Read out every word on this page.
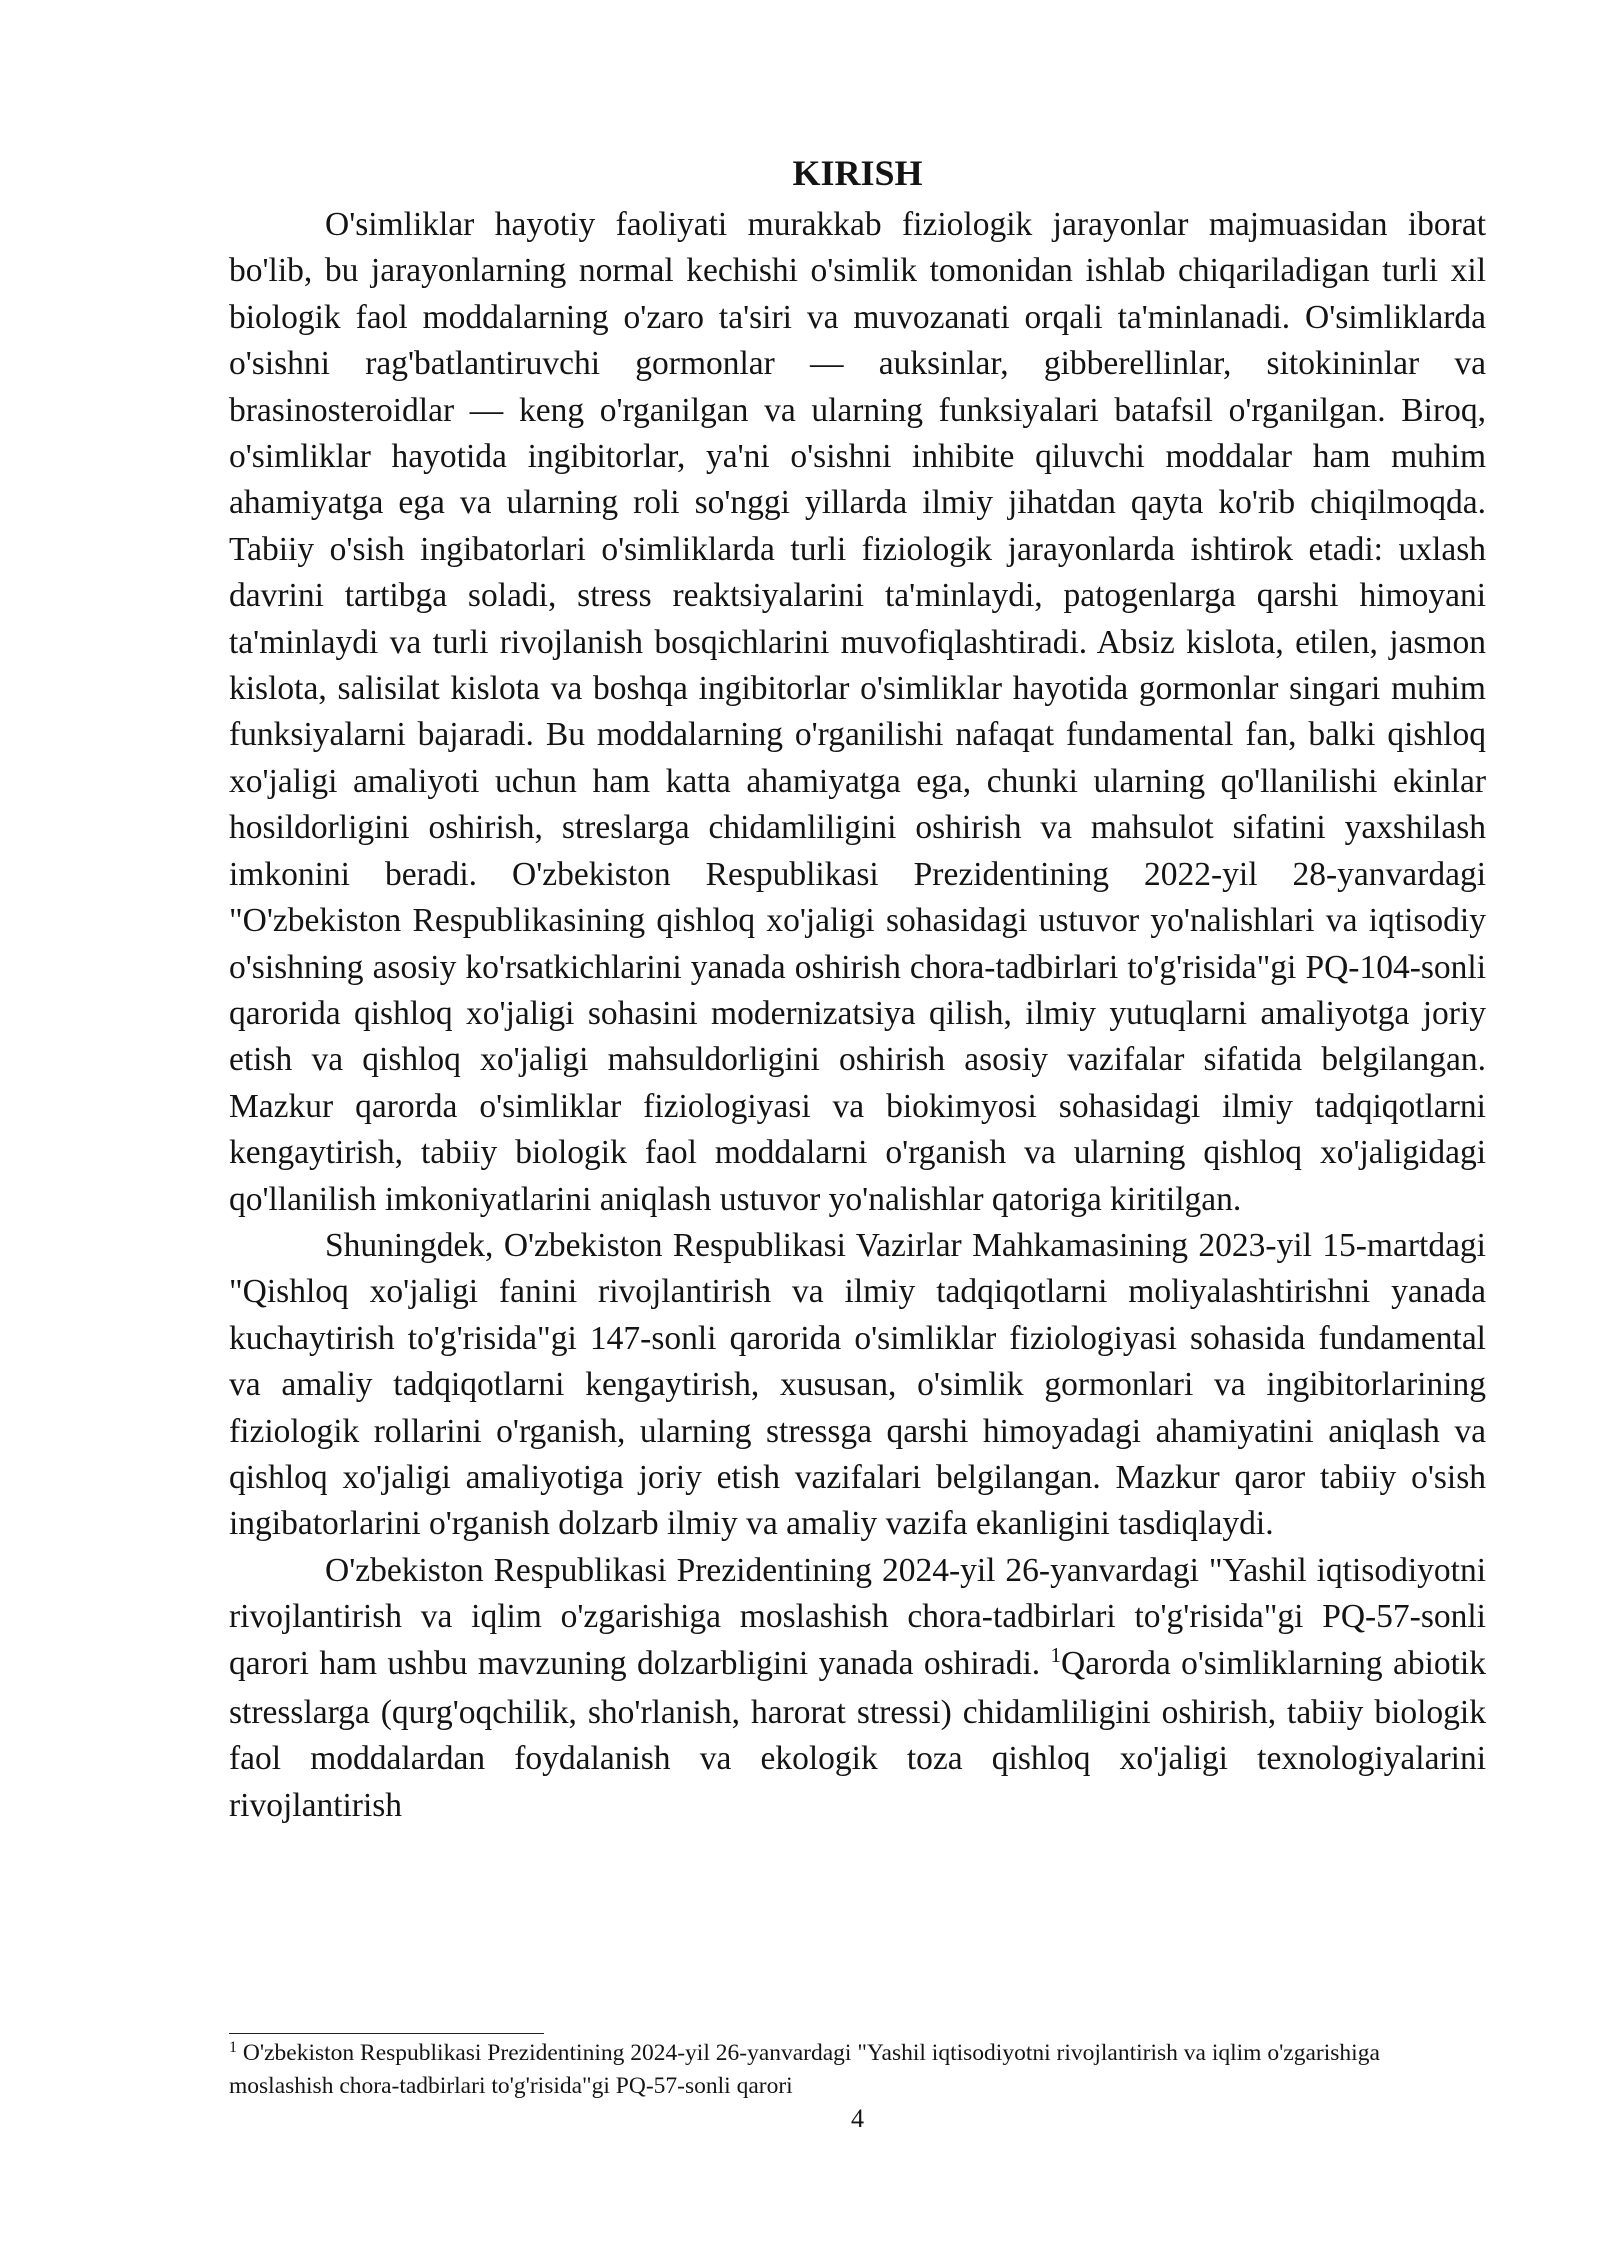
KIRISH

O'simliklar hayotiy faoliyati murakkab fiziologik jarayonlar majmuasidan iborat bo'lib, bu jarayonlarning normal kechishi o'simlik tomonidan ishlab chiqariladigan turli xil biologik faol moddalarning o'zaro ta'siri va muvozanati orqali ta'minlanadi. O'simliklarda o'sishni rag'batlantiruvchi gormonlar — auksinlar, gibberellinlar, sitokininlar va brasinosteroidlar — keng o'rganilgan va ularning funksiyalari batafsil o'rganilgan. Biroq, o'simliklar hayotida ingibitorlar, ya'ni o'sishni inhibite qiluvchi moddalar ham muhim ahamiyatga ega va ularning roli so'nggi yillarda ilmiy jihatdan qayta ko'rib chiqilmoqda. Tabiiy o'sish ingibatorlari o'simliklarda turli fiziologik jarayonlarda ishtirok etadi: uxlash davrini tartibga soladi, stress reaktsiyalarini ta'minlaydi, patogenlarga qarshi himoyani ta'minlaydi va turli rivojlanish bosqichlarini muvofiqlashtiradi. Absiz kislota, etilen, jasmon kislota, salisilat kislota va boshqa ingibitorlar o'simliklar hayotida gormonlar singari muhim funksiyalarni bajaradi. Bu moddalarning o'rganilishi nafaqat fundamental fan, balki qishloq xo'jaligi amaliyoti uchun ham katta ahamiyatga ega, chunki ularning qo'llanilishi ekinlar hosildorligini oshirish, streslarga chidamliligini oshirish va mahsulot sifatini yaxshilash imkonini beradi. O'zbekiston Respublikasi Prezidentining 2022-yil 28-yanvardagi "O'zbekiston Respublikasining qishloq xo'jaligi sohasidagi ustuvor yo'nalishlari va iqtisodiy o'sishning asosiy ko'rsatkichlarini yanada oshirish chora-tadbirlari to'g'risida"gi PQ-104-sonli qarorida qishloq xo'jaligi sohasini modernizatsiya qilish, ilmiy yutuqlarni amaliyotga joriy etish va qishloq xo'jaligi mahsuldorligini oshirish asosiy vazifalar sifatida belgilangan. Mazkur qarorda o'simliklar fiziologiyasi va biokimyosi sohasidagi ilmiy tadqiqotlarni kengaytirish, tabiiy biologik faol moddalarni o'rganish va ularning qishloq xo'jaligidagi qo'llanilish imkoniyatlarini aniqlash ustuvor yo'nalishlar qatoriga kiritilgan.

Shuningdek, O'zbekiston Respublikasi Vazirlar Mahkamasining 2023-yil 15-martdagi "Qishloq xo'jaligi fanini rivojlantirish va ilmiy tadqiqotlarni moliyalashtirishni yanada kuchaytirish to'g'risida"gi 147-sonli qarorida o'simliklar fiziologiyasi sohasida fundamental va amaliy tadqiqotlarni kengaytirish, xususan, o'simlik gormonlari va ingibitorlarining fiziologik rollarini o'rganish, ularning stressga qarshi himoyadagi ahamiyatini aniqlash va qishloq xo'jaligi amaliyotiga joriy etish vazifalari belgilangan. Mazkur qaror tabiiy o'sish ingibatorlarini o'rganish dolzarb ilmiy va amaliy vazifa ekanligini tasdiqlaydi.

O'zbekiston Respublikasi Prezidentining 2024-yil 26-yanvardagi "Yashil iqtisodiyotni rivojlantirish va iqlim o'zgarishiga moslashish chora-tadbirlari to'g'risida"gi PQ-57-sonli qarori ham ushbu mavzuning dolzarbligini yanada oshiradi. $^1$Qarorda o'simliklarning abiotik stresslarga (qurg'oqchilik, sho'rlanish, harorat stressi) chidamliligini oshirish, tabiiy biologik faol moddalardan foydalanish va ekologik toza qishloq xo'jaligi texnologiyalarini rivojlantirish

$^1$ O'zbekiston Respublikasi Prezidentining 2024-yil 26-yanvardagi "Yashil iqtisodiyotni rivojlantirish va iqlim o'zgarishiga moslashish chora-tadbirlari to'g'risida"gi PQ-57-sonli qarori

4
